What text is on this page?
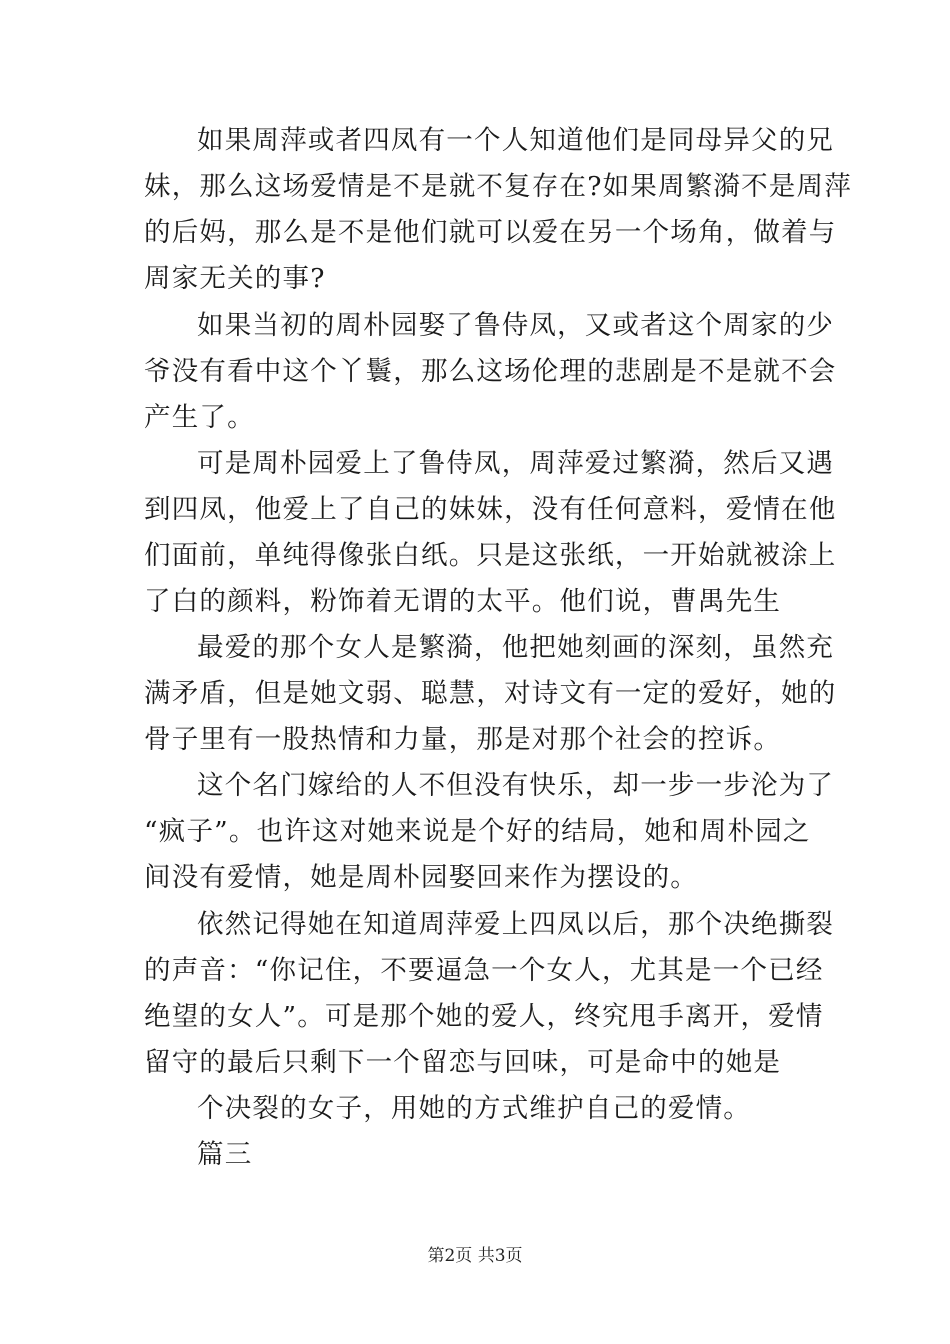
如果周萍或者四凤有一个人知道他们是同母异父的兄
妹，那么这场爱情是不是就不复存在?如果周繁漪不是周萍
的后妈，那么是不是他们就可以爱在另一个场角，做着与
周家无关的事?
如果当初的周朴园娶了鲁侍凤，又或者这个周家的少
爷没有看中这个丫鬟，那么这场伦理的悲剧是不是就不会
产生了。
可是周朴园爱上了鲁侍凤，周萍爱过繁漪，然后又遇
到四凤，他爱上了自己的妹妹，没有任何意料，爱情在他
们面前，单纯得像张白纸。只是这张纸，一开始就被涂上
了白的颜料，粉饰着无谓的太平。他们说，曹禺先生
最爱的那个女人是繁漪，他把她刻画的深刻，虽然充
满矛盾，但是她文弱、聪慧，对诗文有一定的爱好，她的
骨子里有一股热情和力量，那是对那个社会的控诉。
这个名门嫁给的人不但没有快乐，却一步一步沦为了
“疯子”。也许这对她来说是个好的结局，她和周朴园之
间没有爱情，她是周朴园娶回来作为摆设的。
依然记得她在知道周萍爱上四凤以后，那个决绝撕裂
的声音：“你记住，不要逼急一个女人，尤其是一个已经
绝望的女人”。可是那个她的爱人，终究甩手离开，爱情
留守的最后只剩下一个留恋与回味，可是命中的她是
个决裂的女子，用她的方式维护自己的爱情。
篇三
第2页 共3页
